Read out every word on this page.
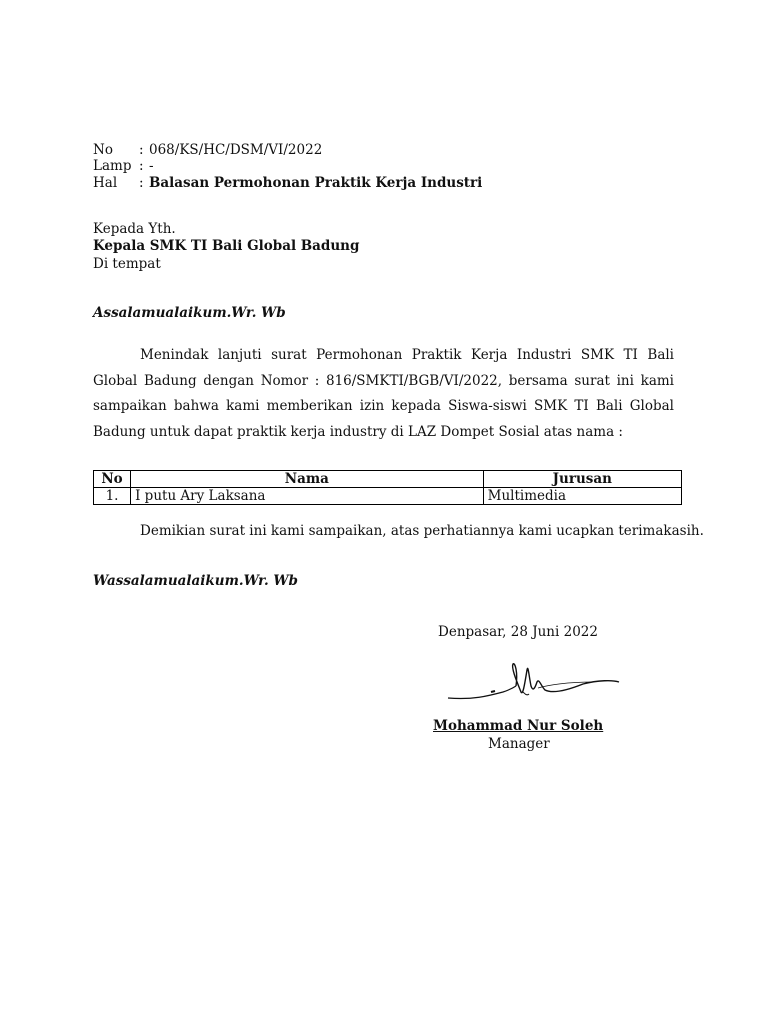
No : 068/KS/HC/DSM/VI/2022
Lamp : -
Hal : Balasan Permohonan Praktik Kerja Industri
Kepada Yth.
Kepala SMK TI Bali Global Badung
Di tempat
Assalamualaikum.Wr. Wb
Menindak lanjuti surat Permohonan Praktik Kerja Industri SMK TI Bali Global Badung dengan Nomor : 816/SMKTI/BGB/VI/2022, bersama surat ini kami sampaikan bahwa kami memberikan izin kepada Siswa-siswi SMK TI Bali Global Badung untuk dapat praktik kerja industry di LAZ Dompet Sosial atas nama :
No	Nama	Jurusan
1.	I putu Ary Laksana	Multimedia
Demikian surat ini kami sampaikan, atas perhatiannya kami ucapkan terimakasih.
Wassalamualaikum.Wr. Wb
Denpasar, 28 Juni 2022
Mohammad Nur Soleh
Manager
